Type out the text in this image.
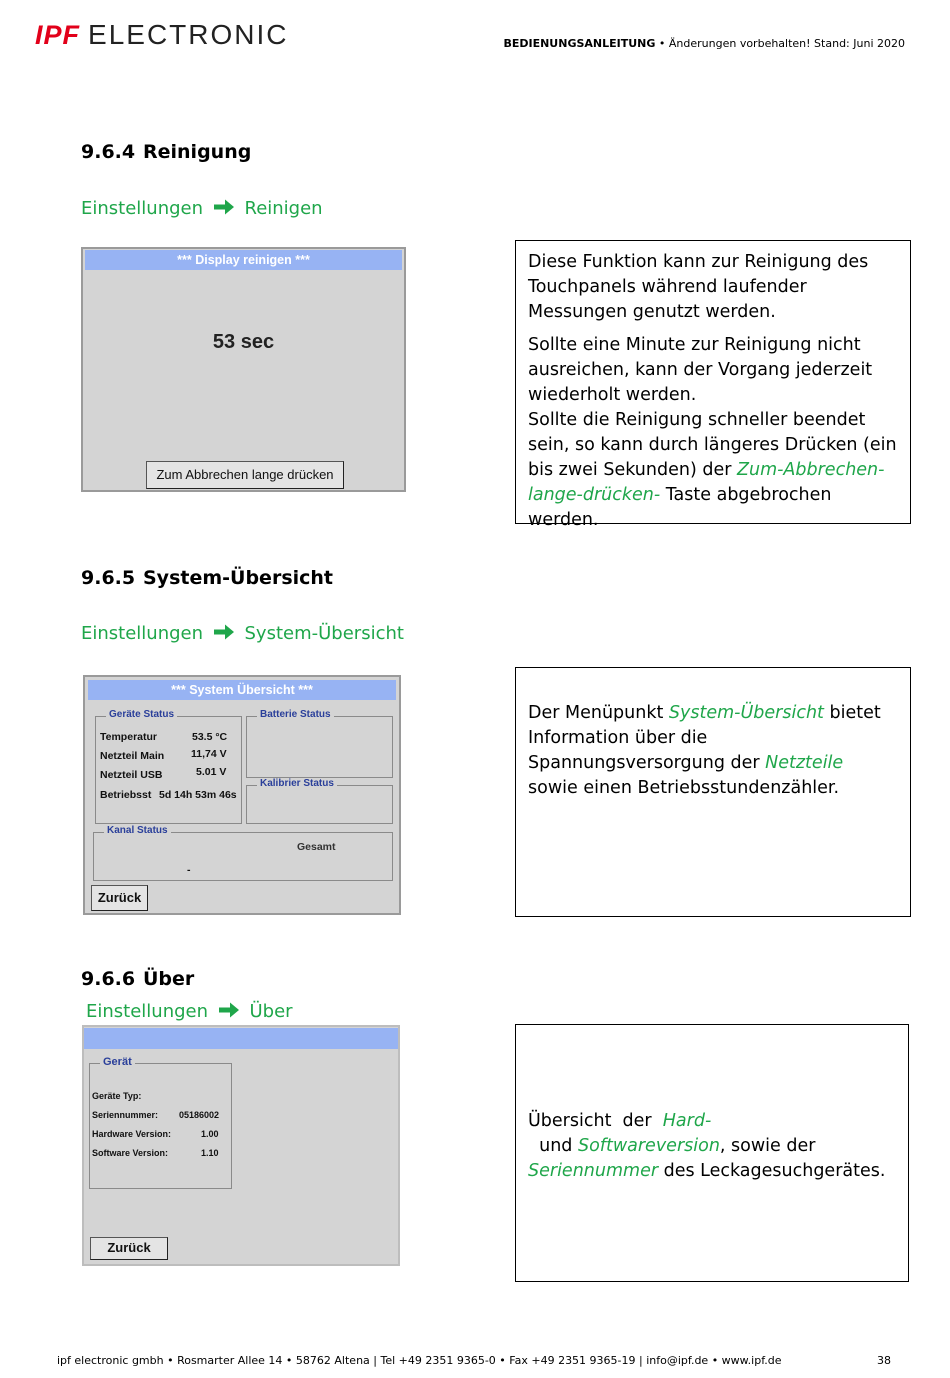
IPF ELECTRONIC	BEDIENUNGSANLEITUNG • Änderungen vorbehalten! Stand: Juni 2020
9.6.4 Reinigung
Einstellungen Reinigen
*** Display reinigen ***
53 sec
Zum Abbrechen lange drücken

Diese Funktion kann zur Reinigung des Touchpanels während laufender Messungen genutzt werden.

Sollte eine Minute zur Reinigung nicht ausreichen, kann der Vorgang jederzeit wiederholt werden.

Sollte die Reinigung schneller beendet sein, so kann durch längeres Drücken (ein bis zwei Sekunden) der Zum-Abbrechen-lange-drücken- Taste abgebrochen werden.

9.6.5 System-Übersicht
Einstellungen System-Übersicht
*** System Übersicht ***
Geräte Status
Temperatur	53.5 °C
Netzteil Main	11,74 V
Netzteil USB	5.01 V
Betriebsst 5d 14h 53m 46s
Batterie Status
Kalibrier Status
Kanal Status
Gesamt
-
Zurück

Der Menüpunkt System-Übersicht bietet Information über die Spannungsversorgung der Netzteile sowie einen Betriebsstundenzähler.

9.6.6 Über
Einstellungen Über
Gerät
Geräte Typ:
Seriennummer: 05186002
Hardware Version:	1.00
Software Version:	1.10
Zurück

Übersicht  der  Hard-  und Softwareversion, sowie der Seriennummer des Leckagesuchgerätes.

ipf electronic gmbh • Rosmarter Allee 14 • 58762 Altena | Tel +49 2351 9365-0 • Fax +49 2351 9365-19 | info@ipf.de • www.ipf.de	38
